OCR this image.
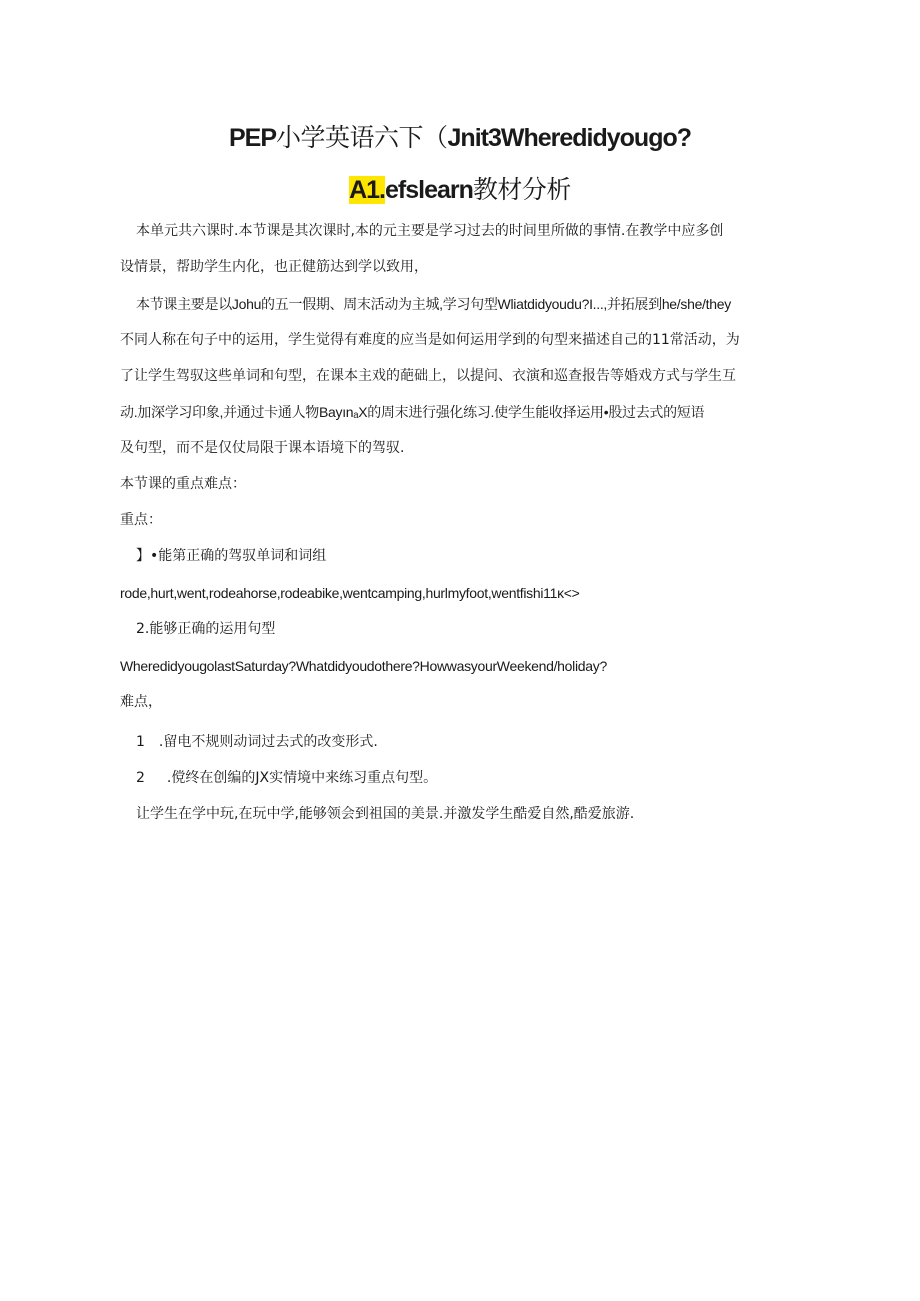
PEP小学英语六下（Jnit3Wheredidyougo?
A1.efslearn教材分析
本单元共六课时.本节课是其次课时,本的元主要是学习过去的时间里所做的事情.在教学中应多创
设情景，帮助学生内化，也正健筋达到学以致用，
本节课主要是以Johu的五一假期、周末活动为主城,学习句型Wliatdidyoudu?I...,并拓展到he/she/they
不同人称在句子中的运用，学生觉得有难度的应当是如何运用学到的句型来描述自己的11常活动，为
了让学生驾驭这些单词和句型，在课本主戏的葩础上，以提问、衣演和巡查报告等婚戏方式与学生互
动.加深学习印象,并通过卡通人物BayınₐX的周末进行强化练习.使学生能收择运用•股过去式的短语
及句型，而不是仅仗局限于课本语境下的驾驭.
本节课的重点难点：
重点：
】•能第正确的驾驭单词和词组
rode,hurt,went,rodeahorse,rodeabike,wentcamping,hurlmyfoot,wentfishi11κ<>
2.能够正确的运用句型
Wheredidyougolast​Saturday?Whatdidyoudothere?Howwasyour​Weekend/holiday?
难点，
1 .留电不规则动词过去式的改变形式.
2 .傥终在创编的JX实情境中来练习重点句型。
让学生在学中玩,在玩中学,能够领会到祖国的美景.并激发学生酷爱自然,酷爱旅游.
